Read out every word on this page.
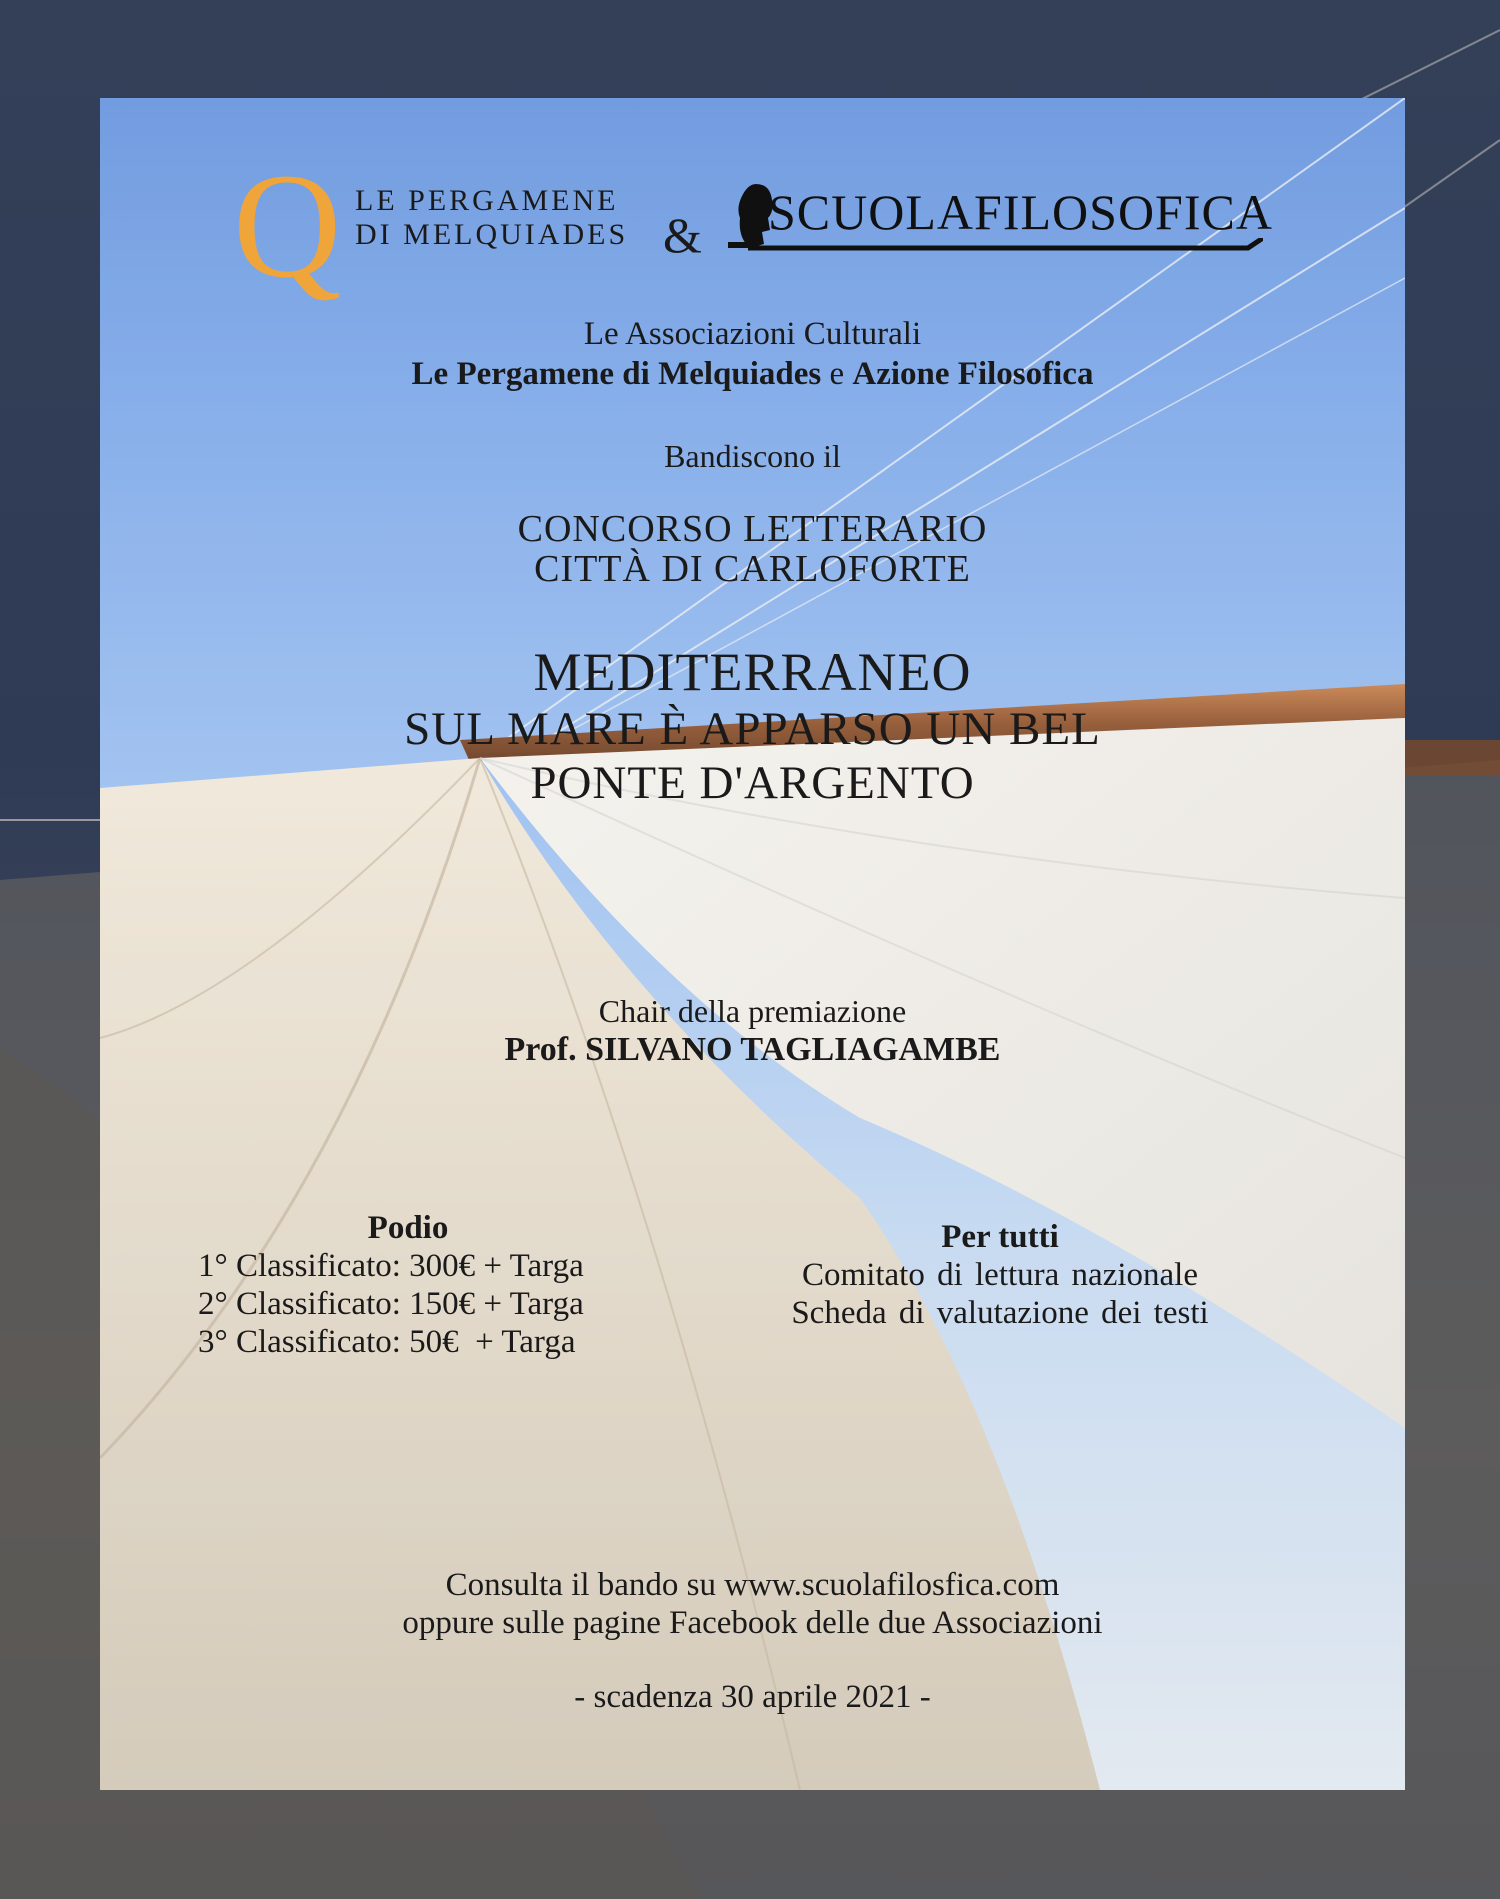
Q LE PERGAMENE
DI MELQUIADES & SCUOLAFILOSOFICA
Le Associazioni Culturali
Le Pergamene di Melquiades e Azione Filosofica
Bandiscono il
CONCORSO LETTERARIO
CITTÀ DI CARLOFORTE
MEDITERRANEO
SUL MARE È APPARSO UN BEL
PONTE D'ARGENTO
Chair della premiazione
Prof. SILVANO TAGLIAGAMBE
Podio
1° Classificato: 300€ + Targa
2° Classificato: 150€ + Targa
3° Classificato: 50€  + Targa
Per tutti
Comitato di lettura nazionale
Scheda di valutazione dei testi
Consulta il bando su www.scuolafilosfica.com
oppure sulle pagine Facebook delle due Associazioni
- scadenza 30 aprile 2021 -
